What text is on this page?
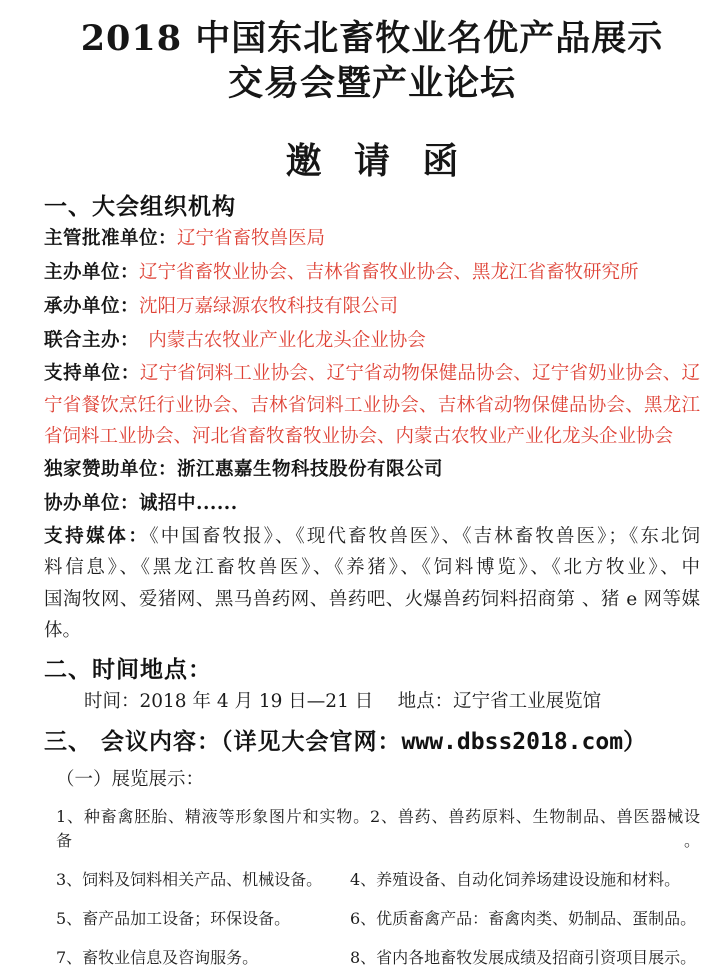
2018 中国东北畜牧业名优产品展示
交易会暨产业论坛
邀请函
一、大会组织机构
主管批准单位：辽宁省畜牧兽医局
主办单位：辽宁省畜牧业协会、吉林省畜牧业协会、黑龙江省畜牧研究所
承办单位：沈阳万嘉绿源农牧科技有限公司
联合主办：　内蒙古农牧业产业化龙头企业协会
支持单位：辽宁省饲料工业协会、辽宁省动物保健品协会、辽宁省奶业协会、辽
宁省餐饮烹饪行业协会、吉林省饲料工业协会、吉林省动物保健品协会、黑龙江
省饲料工业协会、河北省畜牧畜牧业协会、内蒙古农牧业产业化龙头企业协会
独家赞助单位：浙江惠嘉生物科技股份有限公司
协办单位：诚招中......
支持媒体：《中国畜牧报》、《现代畜牧兽医》、《吉林畜牧兽医》；《东北饲
料信息》、《黑龙江畜牧兽医》、《养猪》、《饲料博览》、《北方牧业》、中
国淘牧网、爱猪网、黑马兽药网、兽药吧、火爆兽药饲料招商第 、猪 e 网等媒
体。
二、时间地点：
时间：2018 年 4 月 19 日—21 日　 地点：辽宁省工业展览馆
三、 会议内容：（详见大会官网：www.dbss2018.com）
（一）展览展示：
1、种畜禽胚胎、精液等形象图片和实物。2、兽药、兽药原料、生物制品、兽医器械设备。
3、饲料及饲料相关产品、机械设备。 4、养殖设备、自动化饲养场建设设施和材料。
5、畜产品加工设备；环保设备。	6、优质畜禽产品：畜禽肉类、奶制品、蛋制品。
7、畜牧业信息及咨询服务。	8、省内各地畜牧发展成绩及招商引资项目展示。
